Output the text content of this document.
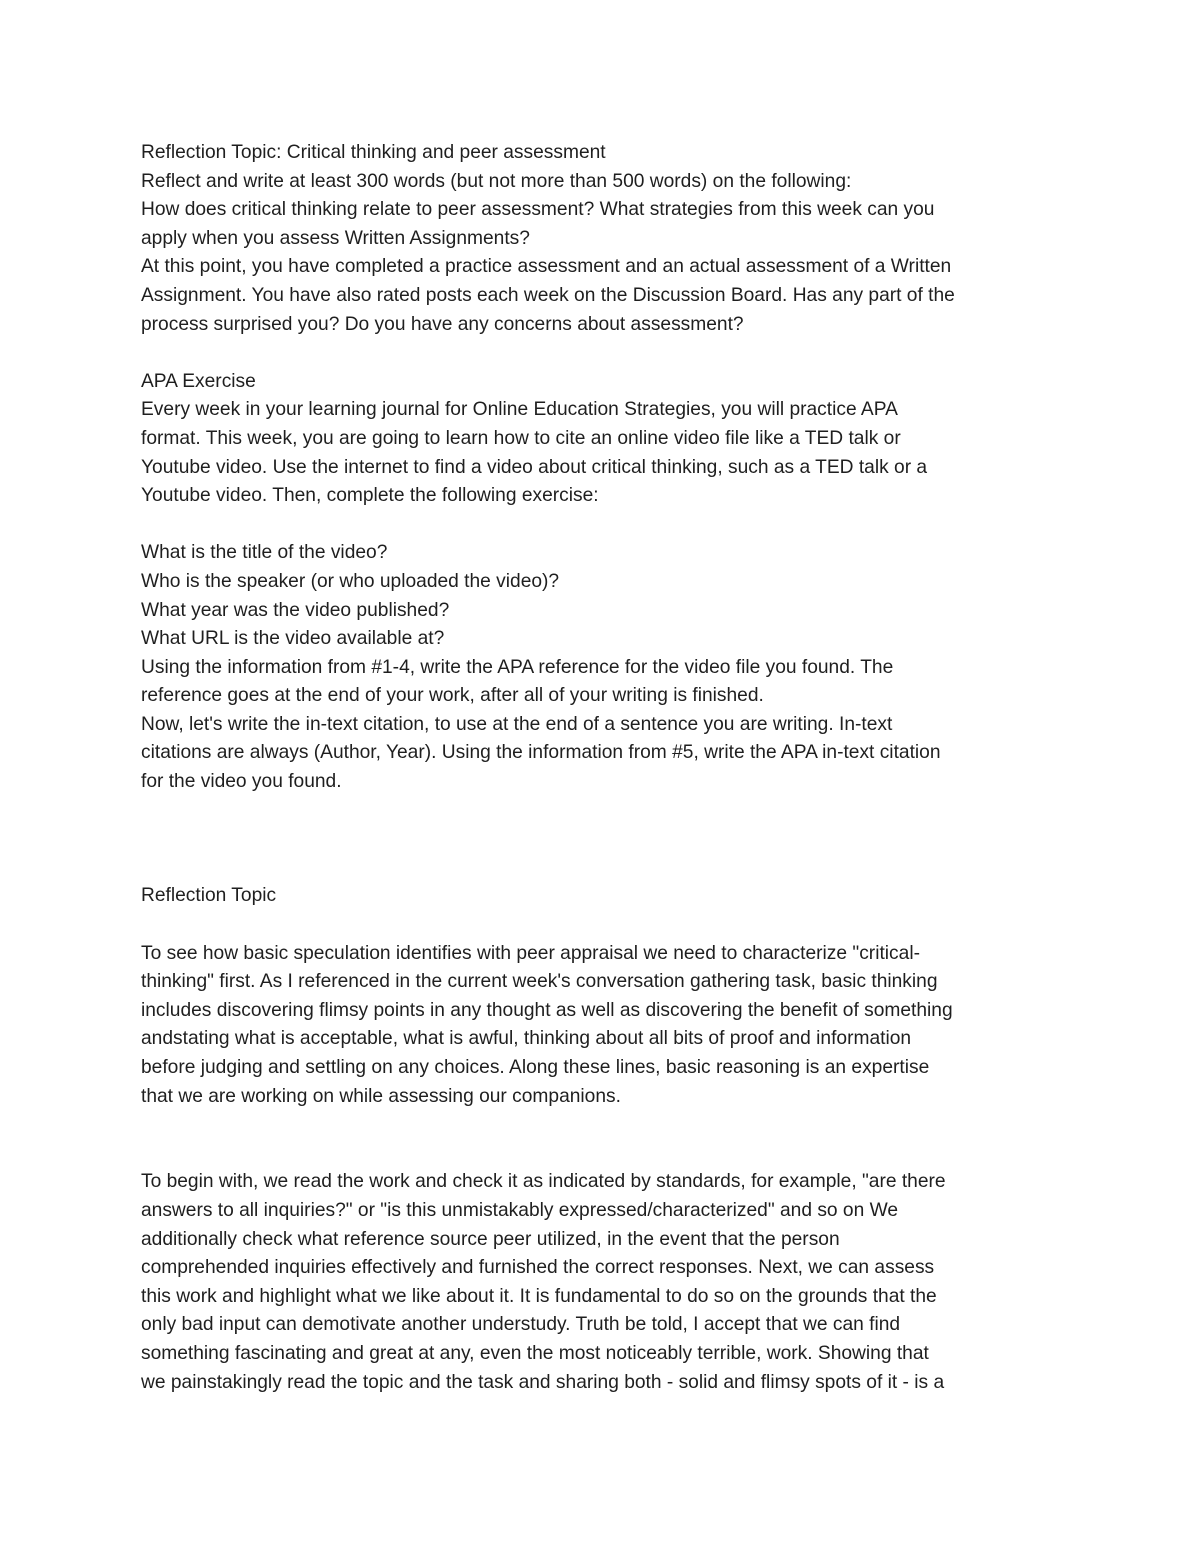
Reflection Topic: Critical thinking and peer assessment
Reflect and write at least 300 words (but not more than 500 words) on the following:
How does critical thinking relate to peer assessment? What strategies from this week can you
apply when you assess Written Assignments?
At this point, you have completed a practice assessment and an actual assessment of a Written
Assignment. You have also rated posts each week on the Discussion Board. Has any part of the
process surprised you? Do you have any concerns about assessment?
APA Exercise
Every week in your learning journal for Online Education Strategies, you will practice APA
format. This week, you are going to learn how to cite an online video file like a TED talk or
Youtube video. Use the internet to find a video about critical thinking, such as a TED talk or a
Youtube video. Then, complete the following exercise:
What is the title of the video?
Who is the speaker (or who uploaded the video)?
What year was the video published?
What URL is the video available at?
Using the information from #1-4, write the APA reference for the video file you found. The
reference goes at the end of your work, after all of your writing is finished.
Now, let's write the in-text citation, to use at the end of a sentence you are writing. In-text
citations are always (Author, Year). Using the information from #5, write the APA in-text citation
for the video you found.
Reflection Topic
To see how basic speculation identifies with peer appraisal we need to characterize "critical-
thinking" first. As I referenced in the current week's conversation gathering task, basic thinking
includes discovering flimsy points in any thought as well as discovering the benefit of something
andstating what is acceptable, what is awful, thinking about all bits of proof and information
before judging and settling on any choices. Along these lines, basic reasoning is an expertise
that we are working on while assessing our companions.
To begin with, we read the work and check it as indicated by standards, for example, "are there
answers to all inquiries?" or "is this unmistakably expressed/characterized" and so on We
additionally check what reference source peer utilized, in the event that the person
comprehended inquiries effectively and furnished the correct responses. Next, we can assess
this work and highlight what we like about it. It is fundamental to do so on the grounds that the
only bad input can demotivate another understudy. Truth be told, I accept that we can find
something fascinating and great at any, even the most noticeably terrible, work. Showing that
we painstakingly read the topic and the task and sharing both - solid and flimsy spots of it - is a
